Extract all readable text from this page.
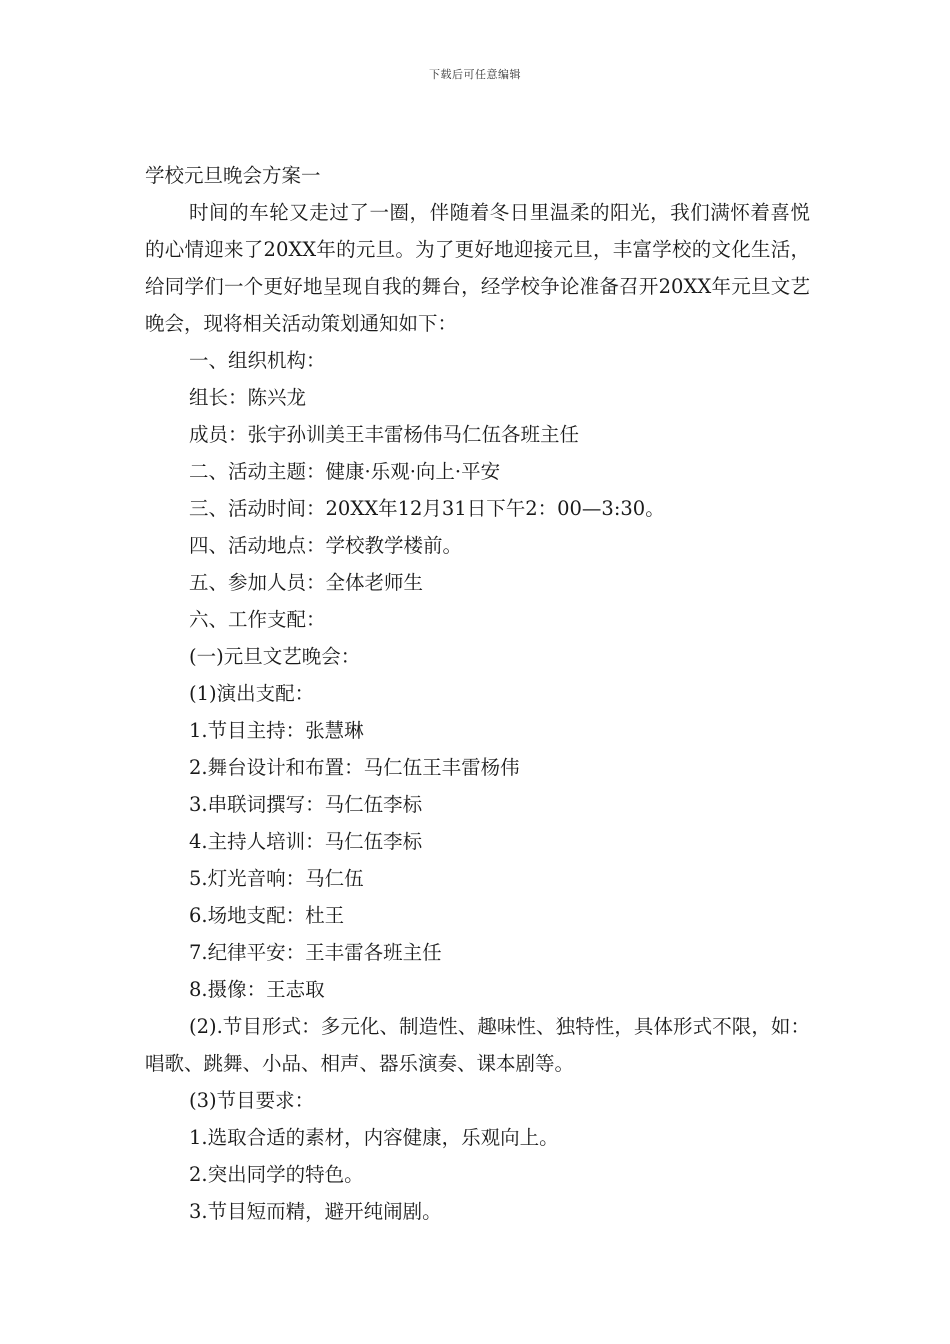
下载后可任意编辑

学校元旦晚会方案一

时间的车轮又走过了一圈，伴随着冬日里温柔的阳光，我们满怀着喜悦的心情迎来了20XX年的元旦。为了更好地迎接元旦，丰富学校的文化生活，给同学们一个更好地呈现自我的舞台，经学校争论准备召开20XX年元旦文艺晚会，现将相关活动策划通知如下：

一、组织机构：

组长：陈兴龙

成员：张宇孙训美王丰雷杨伟马仁伍各班主任

二、活动主题：健康·乐观·向上·平安

三、活动时间：20XX年12月31日下午2：00—3:30。

四、活动地点：学校教学楼前。

五、参加人员：全体老师生

六、工作支配：

(一)元旦文艺晚会：

(1)演出支配：

1.节目主持：张慧琳

2.舞台设计和布置：马仁伍王丰雷杨伟

3.串联词撰写：马仁伍李标

4.主持人培训：马仁伍李标

5.灯光音响：马仁伍

6.场地支配：杜王

7.纪律平安：王丰雷各班主任

8.摄像：王志取

(2).节目形式：多元化、制造性、趣味性、独特性，具体形式不限，如：唱歌、跳舞、小品、相声、器乐演奏、课本剧等。

(3)节目要求：

1.选取合适的素材，内容健康，乐观向上。

2.突出同学的特色。

3.节目短而精，避开纯闹剧。
